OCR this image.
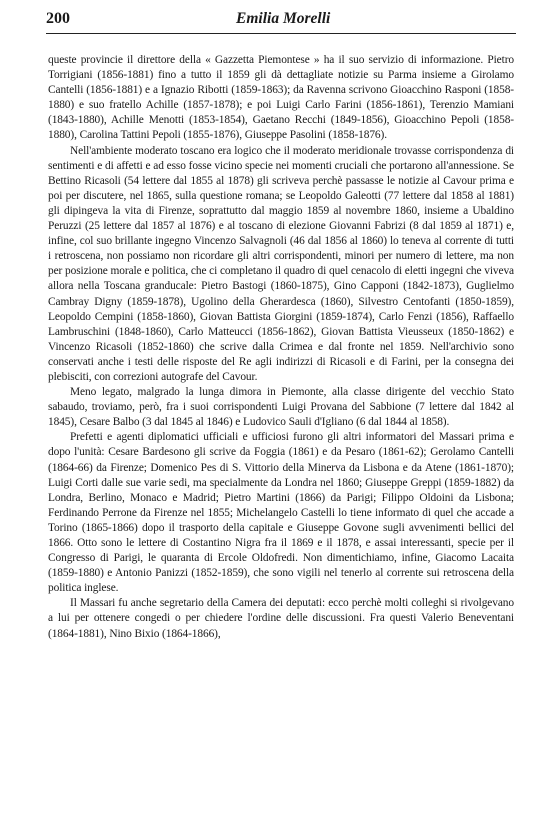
200	Emilia Morelli

queste provincie il direttore della « Gazzetta Piemontese » ha il suo servizio di informazione. Pietro Torrigiani (1856-1881) fino a tutto il 1859 gli dà dettagliate notizie su Parma insieme a Girolamo Cantelli (1856-1881) e a Ignazio Ribotti (1859-1863); da Ravenna scrivono Gioacchino Rasponi (1858-1880) e suo fratello Achille (1857-1878); e poi Luigi Carlo Farini (1856-1861), Terenzio Mamiani (1843-1880), Achille Menotti (1853-1854), Gaetano Recchi (1849-1856), Gioacchino Pepoli (1858-1880), Carolina Tattini Pepoli (1855-1876), Giuseppe Pasolini (1858-1876).

Nell'ambiente moderato toscano era logico che il moderato meridionale trovasse corrispondenza di sentimenti e di affetti e ad esso fosse vicino specie nei momenti cruciali che portarono all'annessione. Se Bettino Ricasoli (54 lettere dal 1855 al 1878) gli scriveva perchè passasse le notizie al Cavour prima e poi per discutere, nel 1865, sulla questione romana; se Leopoldo Galeotti (77 lettere dal 1858 al 1881) gli dipingeva la vita di Firenze, soprattutto dal maggio 1859 al novembre 1860, insieme a Ubaldino Peruzzi (25 lettere dal 1857 al 1876) e al toscano di elezione Giovanni Fabrizi (8 dal 1859 al 1871) e, infine, col suo brillante ingegno Vincenzo Salvagnoli (46 dal 1856 al 1860) lo teneva al corrente di tutti i retroscena, non possiamo non ricordare gli altri corrispondenti, minori per numero di lettere, ma non per posizione morale e politica, che ci completano il quadro di quel cenacolo di eletti ingegni che viveva allora nella Toscana granducale: Pietro Bastogi (1860-1875), Gino Capponi (1842-1873), Guglielmo Cambray Digny (1859-1878), Ugolino della Gherardesca (1860), Silvestro Centofanti (1850-1859), Leopoldo Cempini (1858-1860), Giovan Battista Giorgini (1859-1874), Carlo Fenzi (1856), Raffaello Lambruschini (1848-1860), Carlo Matteucci (1856-1862), Giovan Battista Vieusseux (1850-1862) e Vincenzo Ricasoli (1852-1860) che scrive dalla Crimea e dal fronte nel 1859. Nell'archivio sono conservati anche i testi delle risposte del Re agli indirizzi di Ricasoli e di Farini, per la consegna dei plebisciti, con correzioni autografe del Cavour.

Meno legato, malgrado la lunga dimora in Piemonte, alla classe dirigente del vecchio Stato sabaudo, troviamo, però, fra i suoi corrispondenti Luigi Provana del Sabbione (7 lettere dal 1842 al 1845), Cesare Balbo (3 dal 1845 al 1846) e Ludovico Sauli d'Igliano (6 dal 1844 al 1858).

Prefetti e agenti diplomatici ufficiali e ufficiosi furono gli altri informatori del Massari prima e dopo l'unità: Cesare Bardesono gli scrive da Foggia (1861) e da Pesaro (1861-62); Gerolamo Cantelli (1864-66) da Firenze; Domenico Pes di S. Vittorio della Minerva da Lisbona e da Atene (1861-1870); Luigi Corti dalle sue varie sedi, ma specialmente da Londra nel 1860; Giuseppe Greppi (1859-1882) da Londra, Berlino, Monaco e Madrid; Pietro Martini (1866) da Parigi; Filippo Oldoini da Lisbona; Ferdinando Perrone da Firenze nel 1855; Michelangelo Castelli lo tiene informato di quel che accade a Torino (1865-1866) dopo il trasporto della capitale e Giuseppe Govone sugli avvenimenti bellici del 1866. Otto sono le lettere di Costantino Nigra fra il 1869 e il 1878, e assai interessanti, specie per il Congresso di Parigi, le quaranta di Ercole Oldofredi. Non dimentichiamo, infine, Giacomo Lacaita (1859-1880) e Antonio Panizzi (1852-1859), che sono vigili nel tenerlo al corrente sui retroscena della politica inglese.

Il Massari fu anche segretario della Camera dei deputati: ecco perchè molti colleghi si rivolgevano a lui per ottenere congedi o per chiedere l'ordine delle discussioni. Fra questi Valerio Beneventani (1864-1881), Nino Bixio (1864-1866),
